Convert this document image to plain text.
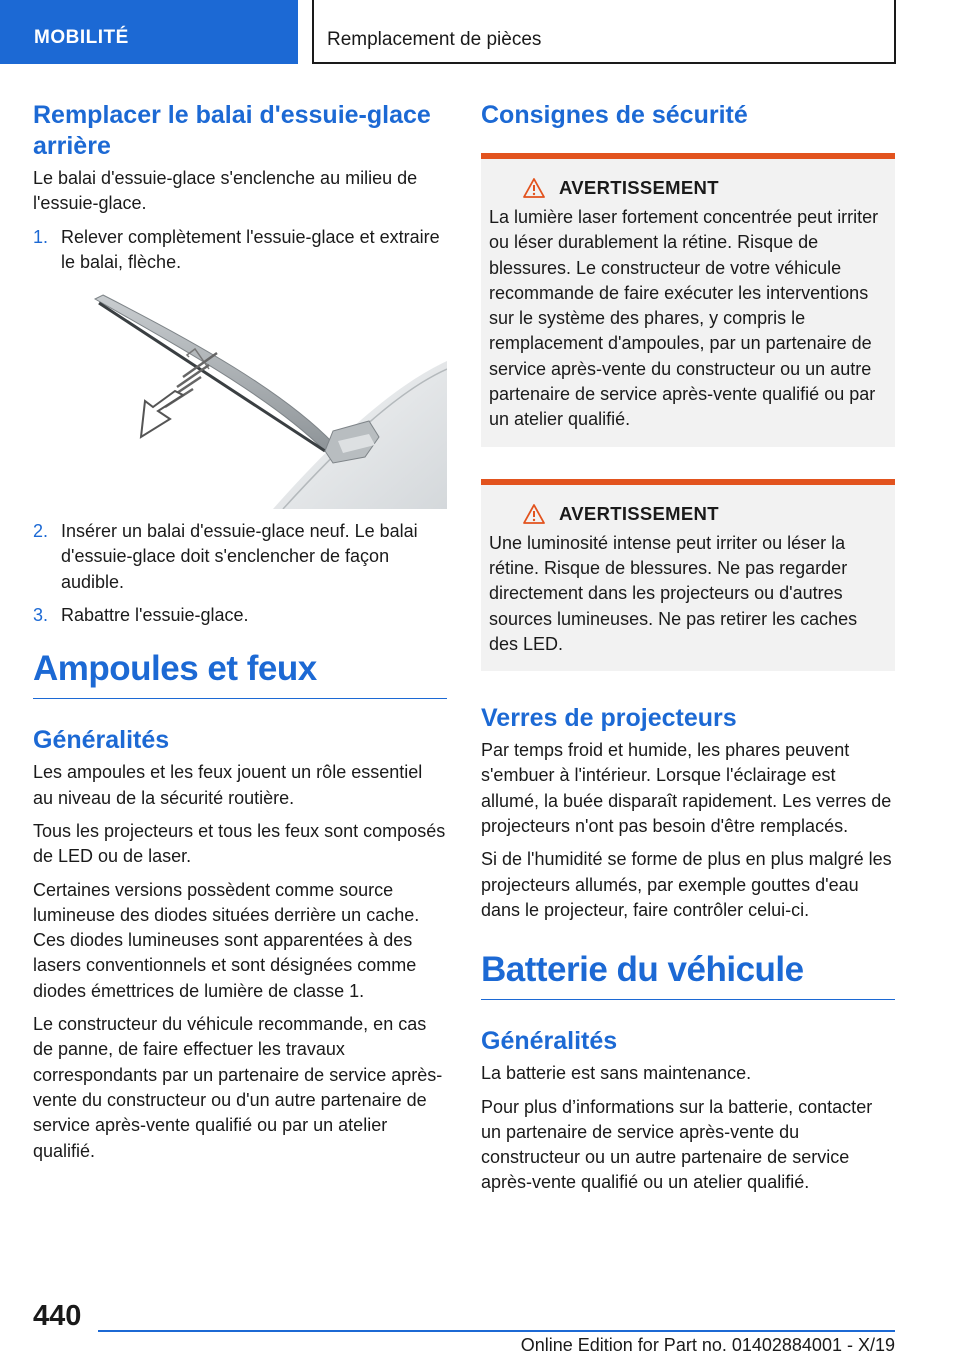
MOBILITÉ	Remplacement de pièces
Remplacer le balai d'essuie-glace arrière

Le balai d'essuie-glace s'enclenche au milieu de l'essuie-glace.

1. Relever complètement l'essuie-glace et extraire le balai, flèche.
2. Insérer un balai d'essuie-glace neuf. Le balai d'essuie-glace doit s'enclencher de façon audible.
3. Rabattre l'essuie-glace.
Ampoules et feux
Généralités

Les ampoules et les feux jouent un rôle essentiel au niveau de la sécurité routière.

Tous les projecteurs et tous les feux sont composés de LED ou de laser.

Certaines versions possèdent comme source lumineuse des diodes situées derrière un cache. Ces diodes lumineuses sont apparentées à des lasers conventionnels et sont désignées comme diodes émettrices de lumière de classe 1.

Le constructeur du véhicule recommande, en cas de panne, de faire effectuer les travaux correspondants par un partenaire de service après-vente du constructeur ou d'un autre partenaire de service après-vente qualifié ou par un atelier qualifié.

Consignes de sécurité
AVERTISSEMENT

La lumière laser fortement concentrée peut irriter ou léser durablement la rétine. Risque de blessures. Le constructeur de votre véhicule recommande de faire exécuter les interventions sur le système des phares, y compris le remplacement d'ampoules, par un partenaire de service après-vente du constructeur ou un autre partenaire de service après-vente qualifié ou par un atelier qualifié.

AVERTISSEMENT

Une luminosité intense peut irriter ou léser la rétine. Risque de blessures. Ne pas regarder directement dans les projecteurs ou d'autres sources lumineuses. Ne pas retirer les caches des LED.

Verres de projecteurs

Par temps froid et humide, les phares peuvent s'embuer à l'intérieur. Lorsque l'éclairage est allumé, la buée disparaît rapidement. Les verres de projecteurs n'ont pas besoin d'être remplacés.

Si de l'humidité se forme de plus en plus malgré les projecteurs allumés, par exemple gouttes d'eau dans le projecteur, faire contrôler celui-ci.

Batterie du véhicule
Généralités

La batterie est sans maintenance.

Pour plus d’informations sur la batterie, contacter un partenaire de service après-vente du constructeur ou un autre partenaire de service après-vente qualifié ou un atelier qualifié.

440
Online Edition for Part no. 01402884001 - X/19
